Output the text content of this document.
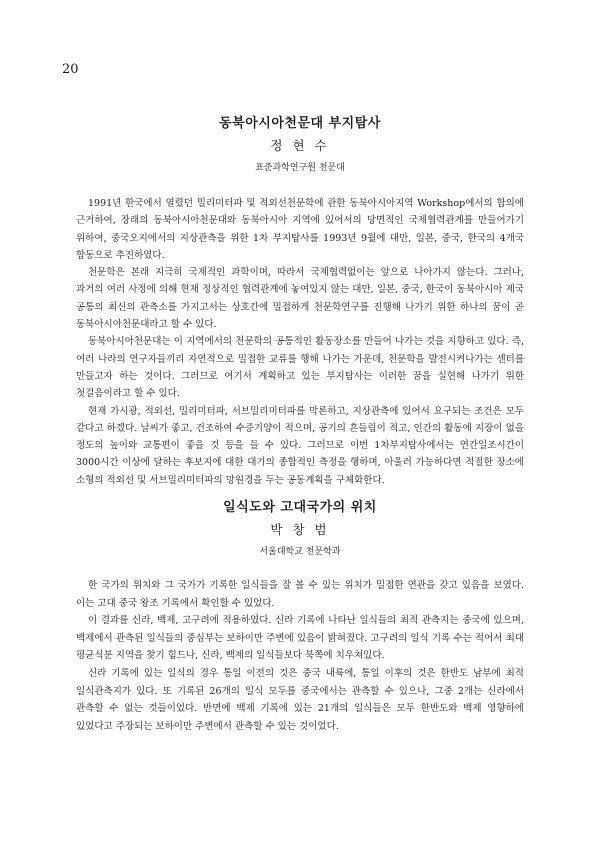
20
동북아시아천문대 부지탐사
정 현 수
표준과학연구원 천문대

1991년 한국에서 열렸던 밀리미터파 및 적외선천문학에 관한 동북아시아지역 Workshop에서의 합의에 근거하여, 장래의 동북아시아천문대와 동북아시아 지역에 있어서의 당면적인 국제협력관계를 만들어가기 위하여, 중국오지에서의 지상관측을 위한 1차 부지탐사를 1993년 9월에 대만, 일본, 중국, 한국의 4개국 합동으로 추진하였다.

천문학은 본래 지극히 국제적인 과학이며, 따라서 국제협력없이는 앞으로 나아가지 않는다. 그러나, 과거의 여러 사정에 의해 현재 정상적인 협력관계에 놓여있지 않는 대만, 일본, 중국, 한국이 동북아시아 제국 공통의 최신의 관측소를 가지고서는 상호간에 밀접하게 천문학연구를 진행해 나가기 위한 하나의 꿈이 곧 동북아시아천문대라고 할 수 있다.

동북아시아천문대는 이 지역에서의 천문학의 공통적인 활동장소를 만들어 나가는 것을 지향하고 있다. 즉, 여러 나라의 연구자들끼리 자연적으로 밀접한 교류를 행해 나가는 가운데, 천문학을 발전시켜나가는 센터를 만들고자 하는 것이다. 그러므로 여기서 계획하고 있는 부지탐사는 이러한 꿈을 실현해 나가기 위한 첫걸음이라고 할 수 있다.

현재 가시광, 적외선, 밀리미터파, 서브밀리미터파를 막론하고, 지상관측에 있어서 요구되는 조건은 모두 같다고 하겠다. 날씨가 좋고, 건조하여 수증기양이 적으며, 공기의 흔들림이 적고, 인간의 활동에 지장이 없을 정도의 높이와 교통편이 좋을 것 등을 들 수 있다. 그러므로 이번 1차부지탐사에서는 연간일조시간이 3000시간 이상에 달하는 후보지에 대한 대기의 종합적인 측정을 행하며, 아울러 가능하다면 적절한 장소에 소형의 적외선 및 서브밀리미터파의 망원경을 두는 공동계획을 구체화한다.

일식도와 고대국가의 위치
박 창 범
서울대학교 천문학과

한 국가의 위치와 그 국가가 기록한 일식들을 잘 볼 수 있는 위치가 밀접한 연관을 갖고 있음을 보였다. 이는 고대 중국 왕조 기록에서 확인할 수 있었다.

이 결과를 신라, 백제, 고구려에 적용하였다. 신라 기록에 나타난 일식들의 최적 관측지는 중국에 있으며, 백제에서 관측된 일식들의 중심부는 보하이만 주변에 있음이 밝혀졌다. 고구려의 일식 기록 수는 적어서 최대 평균식분 지역을 찾기 힘드나, 신라, 백제의 일식들보다 북쪽에 치우쳐있다.

신라 기록에 있는 일식의 경우 통일 이전의 것은 중국 내륙에, 통일 이후의 것은 한반도 남부에 최적 일식관측지가 있다. 또 기록된 26개의 일식 모두를 중국에서는 관측할 수 있으나, 그중 2개는 신라에서 관측할 수 없는 것들이었다. 반면에 백제 기록에 있는 21개의 일식들은 모두 한반도와 백제 영향하에 있었다고 주장되는 보하이만 주변에서 관측할 수 있는 것이었다.
